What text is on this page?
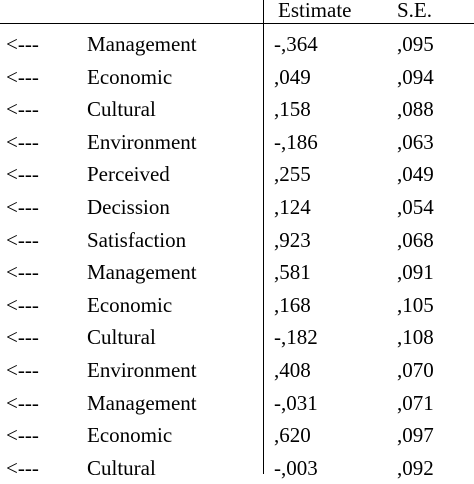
Estimate S.E.
<--- Management	-,364	,095
<--- Economic	,049	,094
<--- Cultural	,158	,088
<--- Environment	-,186	,063
<--- Perceived	,255	,049
<--- Decission	,124	,054
<--- Satisfaction	,923	,068
<--- Management	,581	,091
<--- Economic	,168	,105
<--- Cultural	-,182	,108
<--- Environment	,408	,070
<--- Management	-,031	,071
<--- Economic	,620	,097
<--- Cultural	-,003	,092
